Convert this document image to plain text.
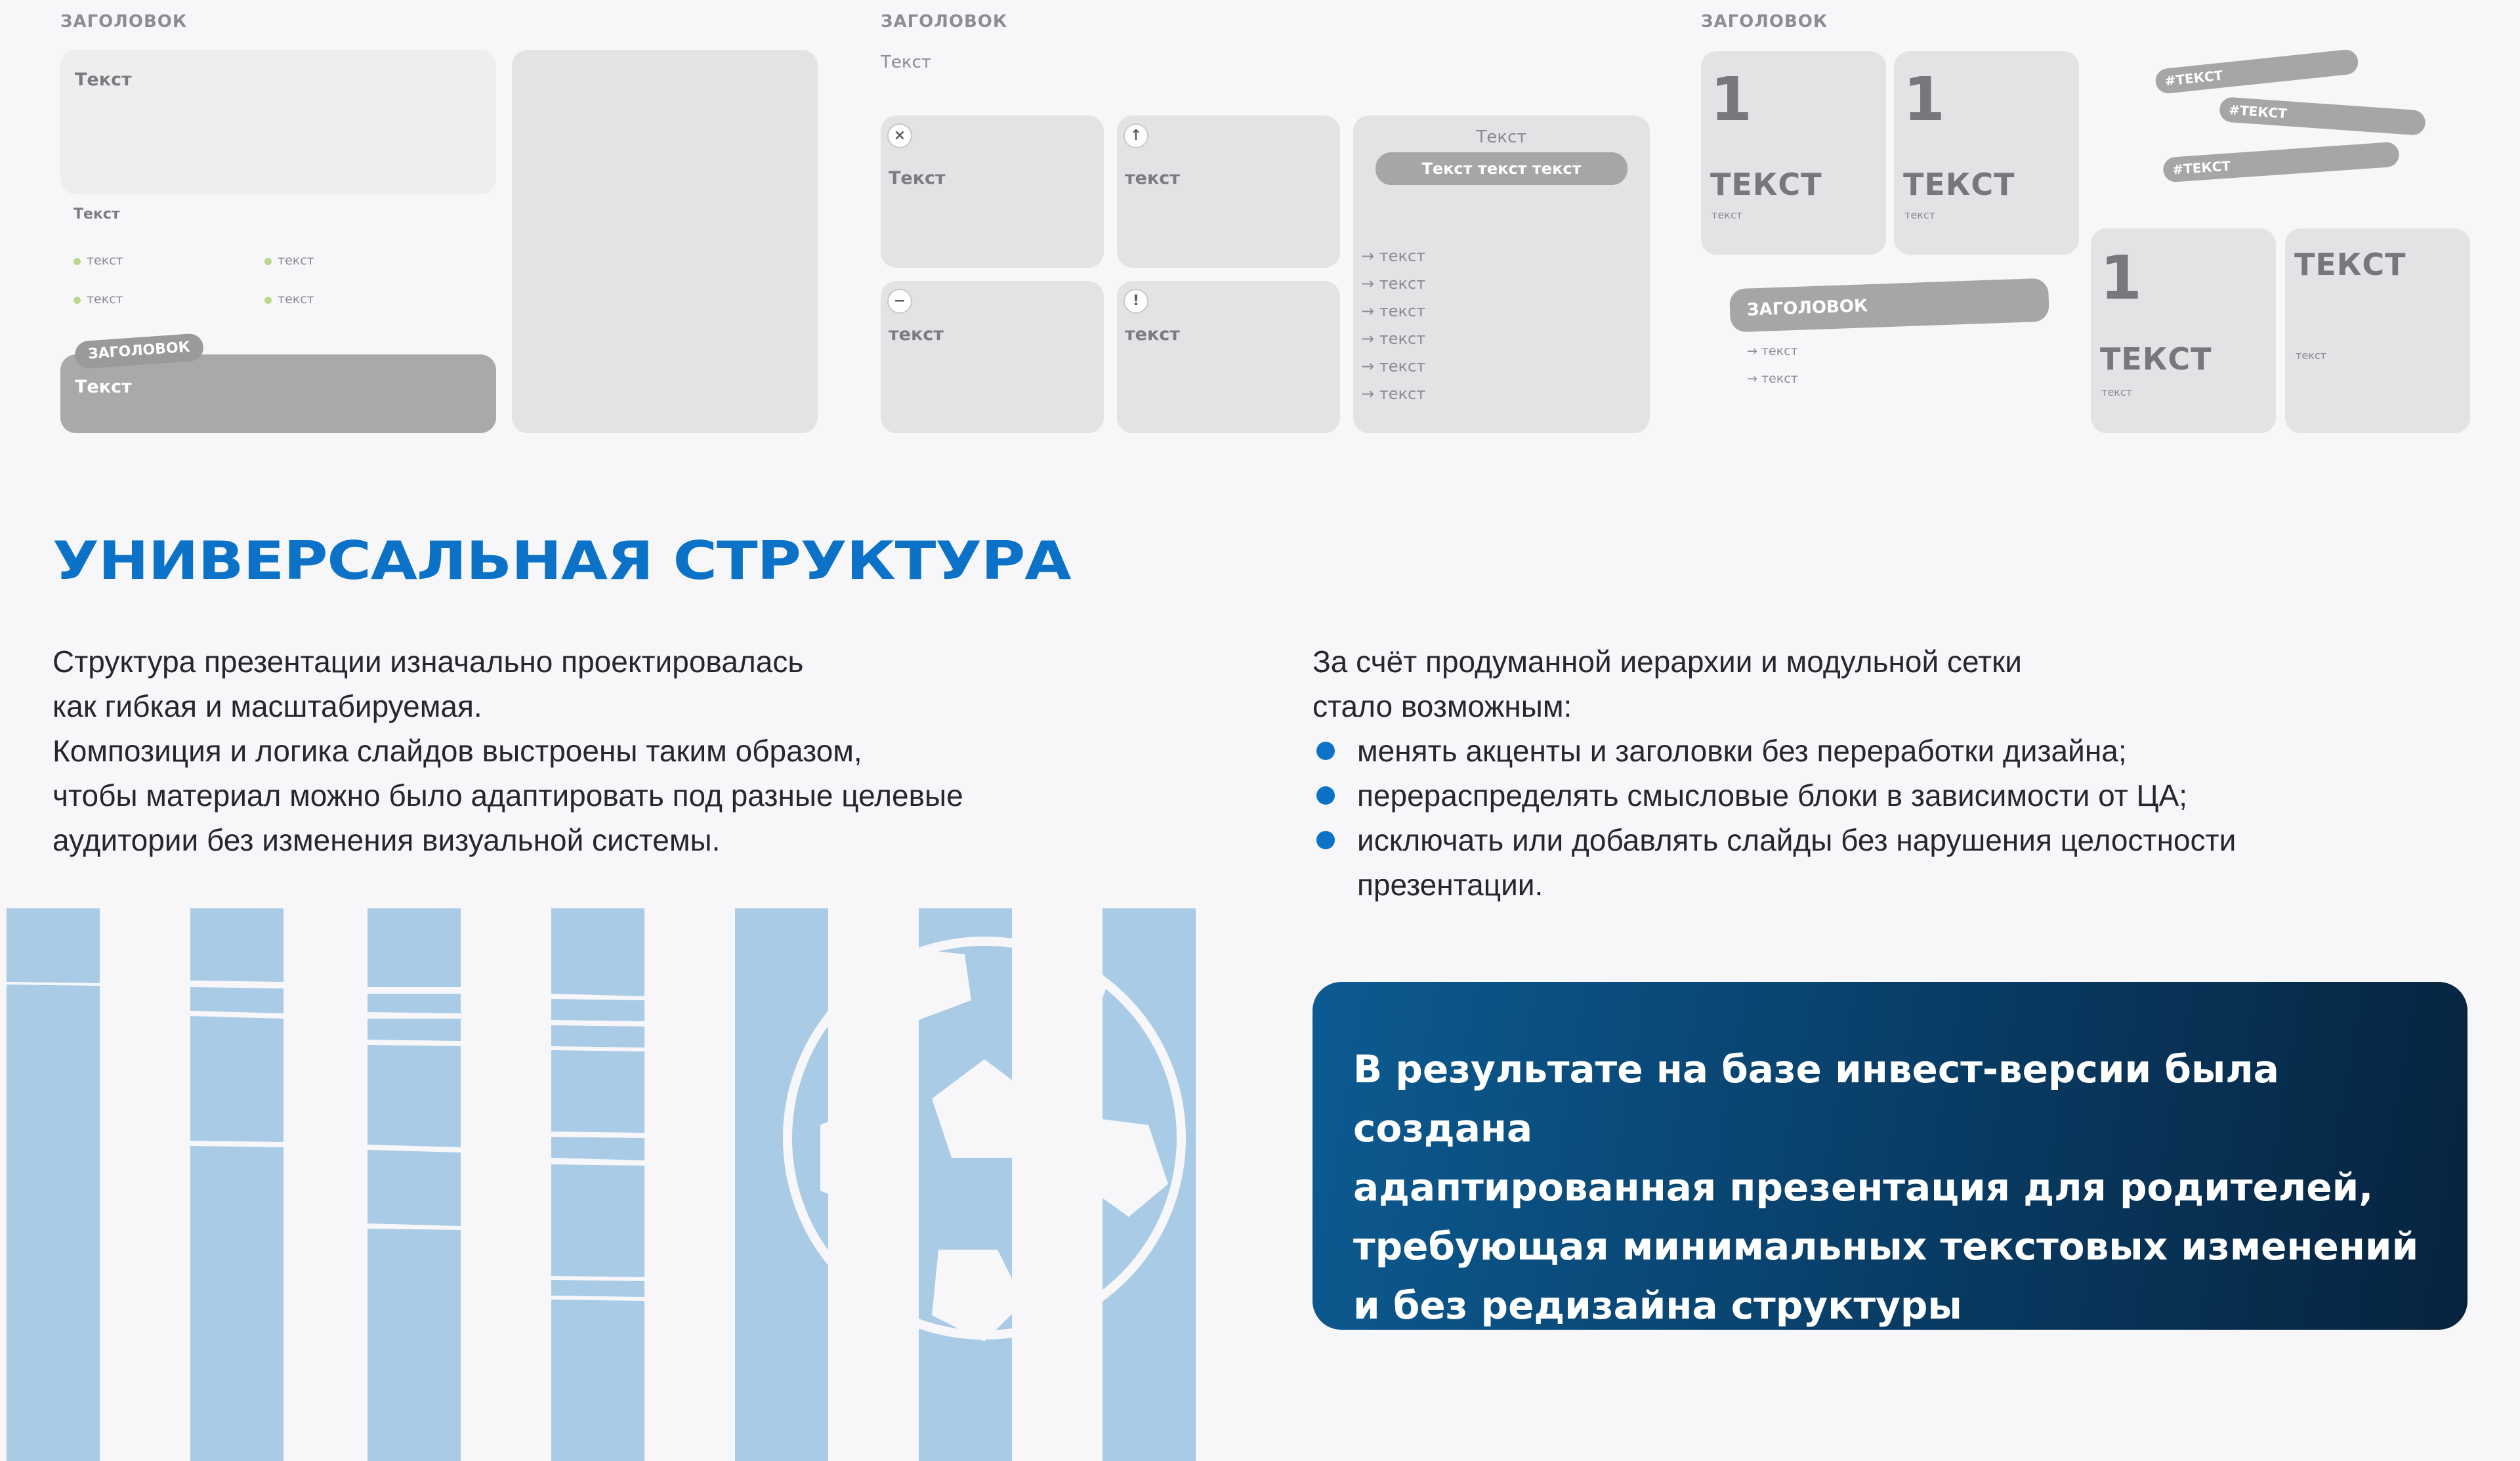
ЗАГОЛОВОК
Текст
Текст
текст	текст
текст	текст
Текст
ЗАГОЛОВОК
ЗАГОЛОВОК
Текст
×
Текст
↑
текст
−
текст
!
текст
Текст
Текст текст текст
→ текст
→ текст
→ текст
→ текст
→ текст
→ текст
ЗАГОЛОВОК
1
ТЕКСТ
текст
1
ТЕКСТ
текст
#ТЕКСТ
#ТЕКСТ
#ТЕКСТ
ЗАГОЛОВОК
→ текст
→ текст
1
ТЕКСТ
текст
ТЕКСТ
текст
УНИВЕРСАЛЬНАЯ СТРУКТУРА
Структура презентации изначально проектировалась
как гибкая и масштабируемая.
Композиция и логика слайдов выстроены таким образом,
чтобы материал можно было адаптировать под разные целевые
аудитории без изменения визуальной системы.
За счёт продуманной иерархии и модульной сетки
стало возможным:
менять акценты и заголовки без переработки дизайна;
перераспределять смысловые блоки в зависимости от ЦА;
исключать или добавлять слайды без нарушения целостности
презентации.
В результате на базе инвест-версии была создана
адаптированная презентация для родителей,
требующая минимальных текстовых изменений
и без редизайна структуры
